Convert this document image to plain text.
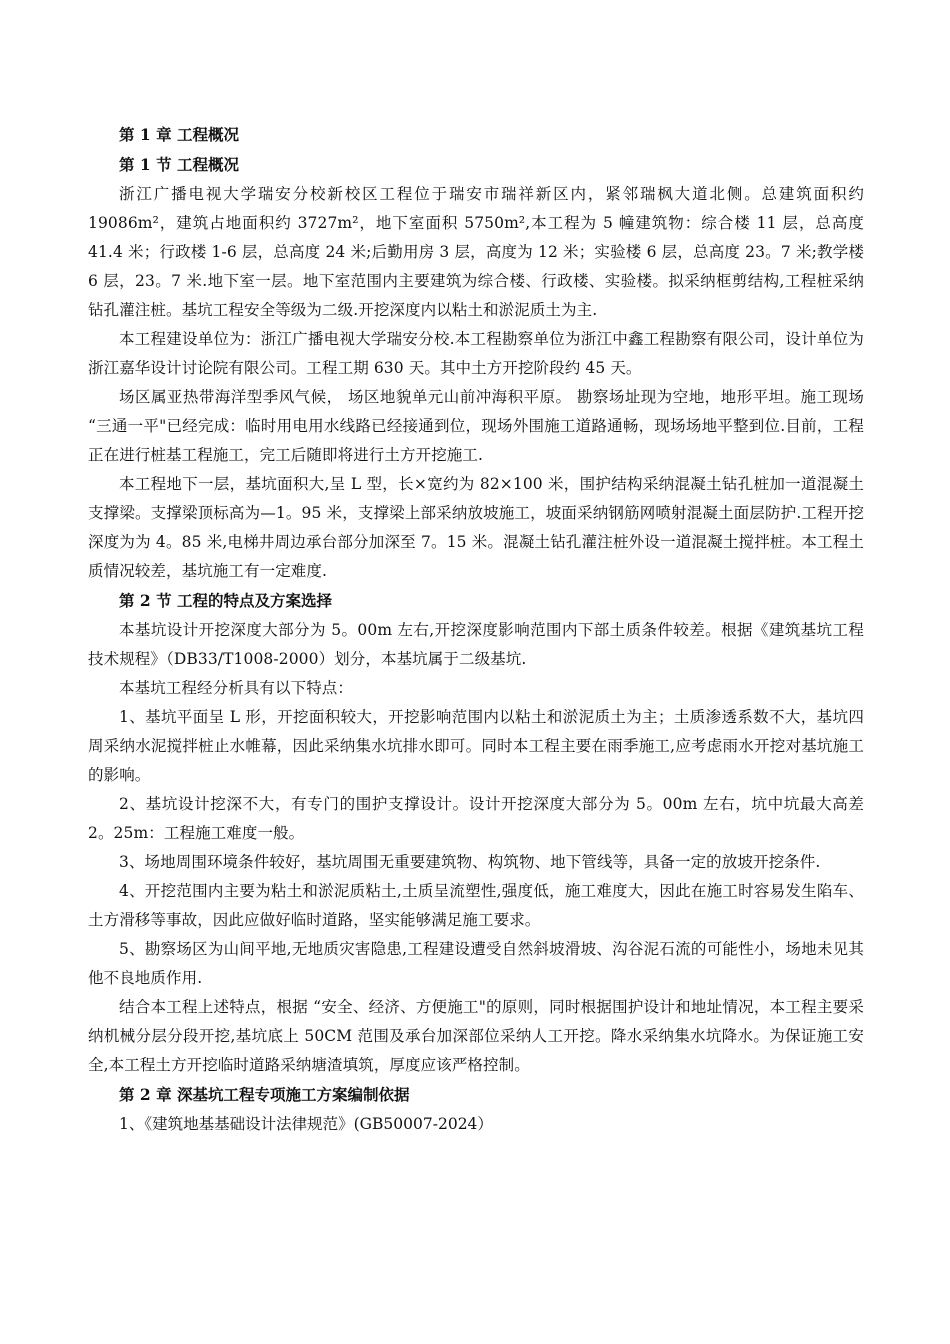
第 1 章 工程概况
第 1 节 工程概况

浙江广播电视大学瑞安分校新校区工程位于瑞安市瑞祥新区内，紧邻瑞枫大道北侧。总建筑面积约19086m²，建筑占地面积约 3727m²，地下室面积 5750m²,本工程为 5 幢建筑物：综合楼 11 层，总高度 41.4 米；行政楼 1-6 层，总高度 24 米;后勤用房 3 层，高度为 12 米；实验楼 6 层，总高度 23。7 米;教学楼 6 层，23。7 米.地下室一层。地下室范围内主要建筑为综合楼、行政楼、实验楼。拟采纳框剪结构,工程桩采纳钻孔灌注桩。基坑工程安全等级为二级.开挖深度内以粘土和淤泥质土为主.

本工程建设单位为：浙江广播电视大学瑞安分校.本工程勘察单位为浙江中鑫工程勘察有限公司，设计单位为浙江嘉华设计讨论院有限公司。工程工期 630 天。其中土方开挖阶段约 45 天。

场区属亚热带海洋型季风气候， 场区地貌单元山前冲海积平原。 勘察场址现为空地，地形平坦。施工现场 “三通一平"已经完成：临时用电用水线路已经接通到位，现场外围施工道路通畅，现场场地平整到位.目前，工程正在进行桩基工程施工，完工后随即将进行土方开挖施工.

本工程地下一层，基坑面积大,呈 L 型，长×宽约为 82×100 米，围护结构采纳混凝土钻孔桩加一道混凝土支撑梁。支撑梁顶标高为—1。95 米，支撑梁上部采纳放坡施工，坡面采纳钢筋网喷射混凝土面层防护.工程开挖深度为为 4。85 米,电梯井周边承台部分加深至 7。15 米。混凝土钻孔灌注桩外设一道混凝土搅拌桩。本工程土质情况较差，基坑施工有一定难度.

第 2 节 工程的特点及方案选择

本基坑设计开挖深度大部分为 5。00m 左右,开挖深度影响范围内下部土质条件较差。根据《建筑基坑工程技术规程》（DB33/T1008-2000）划分，本基坑属于二级基坑.

本基坑工程经分析具有以下特点：

1、基坑平面呈 L 形，开挖面积较大，开挖影响范围内以粘土和淤泥质土为主；土质渗透系数不大，基坑四周采纳水泥搅拌桩止水帷幕，因此采纳集水坑排水即可。同时本工程主要在雨季施工,应考虑雨水开挖对基坑施工的影响。

2、基坑设计挖深不大，有专门的围护支撑设计。设计开挖深度大部分为 5。00m 左右，坑中坑最大高差 2。25m：工程施工难度一般。

3、场地周围环境条件较好，基坑周围无重要建筑物、构筑物、地下管线等，具备一定的放坡开挖条件.

4、开挖范围内主要为粘土和淤泥质粘土,土质呈流塑性,强度低，施工难度大，因此在施工时容易发生陷车、土方滑移等事故，因此应做好临时道路，坚实能够满足施工要求。

5、勘察场区为山间平地,无地质灾害隐患,工程建设遭受自然斜坡滑坡、沟谷泥石流的可能性小，场地未见其他不良地质作用.

结合本工程上述特点，根据 “安全、经济、方便施工"的原则，同时根据围护设计和地址情况，本工程主要采纳机械分层分段开挖,基坑底上 50CM 范围及承台加深部位采纳人工开挖。降水采纳集水坑降水。为保证施工安全,本工程土方开挖临时道路采纳塘渣填筑，厚度应该严格控制。

第 2 章 深基坑工程专项施工方案编制依据

1、《建筑地基基础设计法律规范》(GB50007-2024）
